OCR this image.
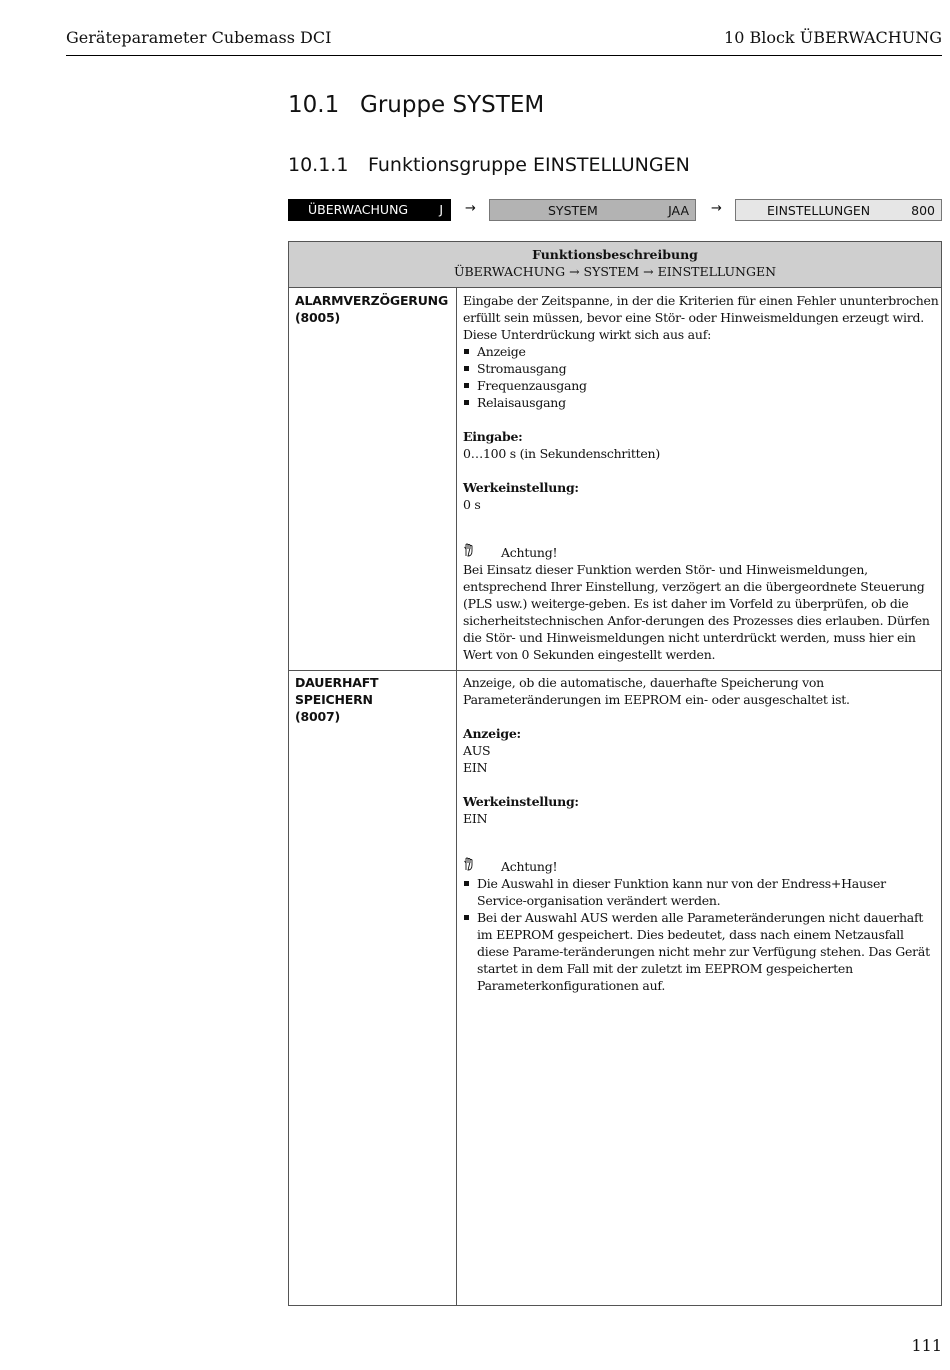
Geräteparameter Cubemass DCI	10 Block ÜBERWACHUNG
10.1 Gruppe SYSTEM
10.1.1 Funktionsgruppe EINSTELLUNGEN
ÜBERWACHUNG J →	SYSTEM	JAA →	EINSTELLUNGEN	800
Funktionsbeschreibung
ÜBERWACHUNG → SYSTEM → EINSTELLUNGEN
ALARMVERZÖGERUNG
(8005)

Eingabe der Zeitspanne, in der die Kriterien für einen Fehler ununterbrochen erfüllt sein müssen, bevor eine Stör- oder Hinweismeldungen erzeugt wird.

Diese Unterdrückung wirkt sich aus auf:

Anzeige
Stromausgang
Frequenzausgang
Relaisausgang

Eingabe:

0…100 s (in Sekundenschritten)

Werkeinstellung:

0 s

Achtung!

Bei Einsatz dieser Funktion werden Stör- und Hinweismeldungen, entsprechend Ihrer Einstellung, verzögert an die übergeordnete Steuerung (PLS usw.) weiterge-geben. Es ist daher im Vorfeld zu überprüfen, ob die sicherheitstechnischen Anfor-derungen des Prozesses dies erlauben. Dürfen die Stör- und Hinweismeldungen nicht unterdrückt werden, muss hier ein Wert von 0 Sekunden eingestellt werden.

DAUERHAFT
SPEICHERN
(8007)

Anzeige, ob die automatische, dauerhafte Speicherung von Parameteränderungen im EEPROM ein- oder ausgeschaltet ist.

Anzeige:

AUS

EIN

Werkeinstellung:

EIN

Achtung!

Die Auswahl in dieser Funktion kann nur von der Endress+Hauser Service-organisation verändert werden.
Bei der Auswahl AUS werden alle Parameteränderungen nicht dauerhaft im EEPROM gespeichert. Dies bedeutet, dass nach einem Netzausfall diese Parame-teränderungen nicht mehr zur Verfügung stehen. Das Gerät startet in dem Fall mit der zuletzt im EEPROM gespeicherten Parameterkonfigurationen auf.
111
